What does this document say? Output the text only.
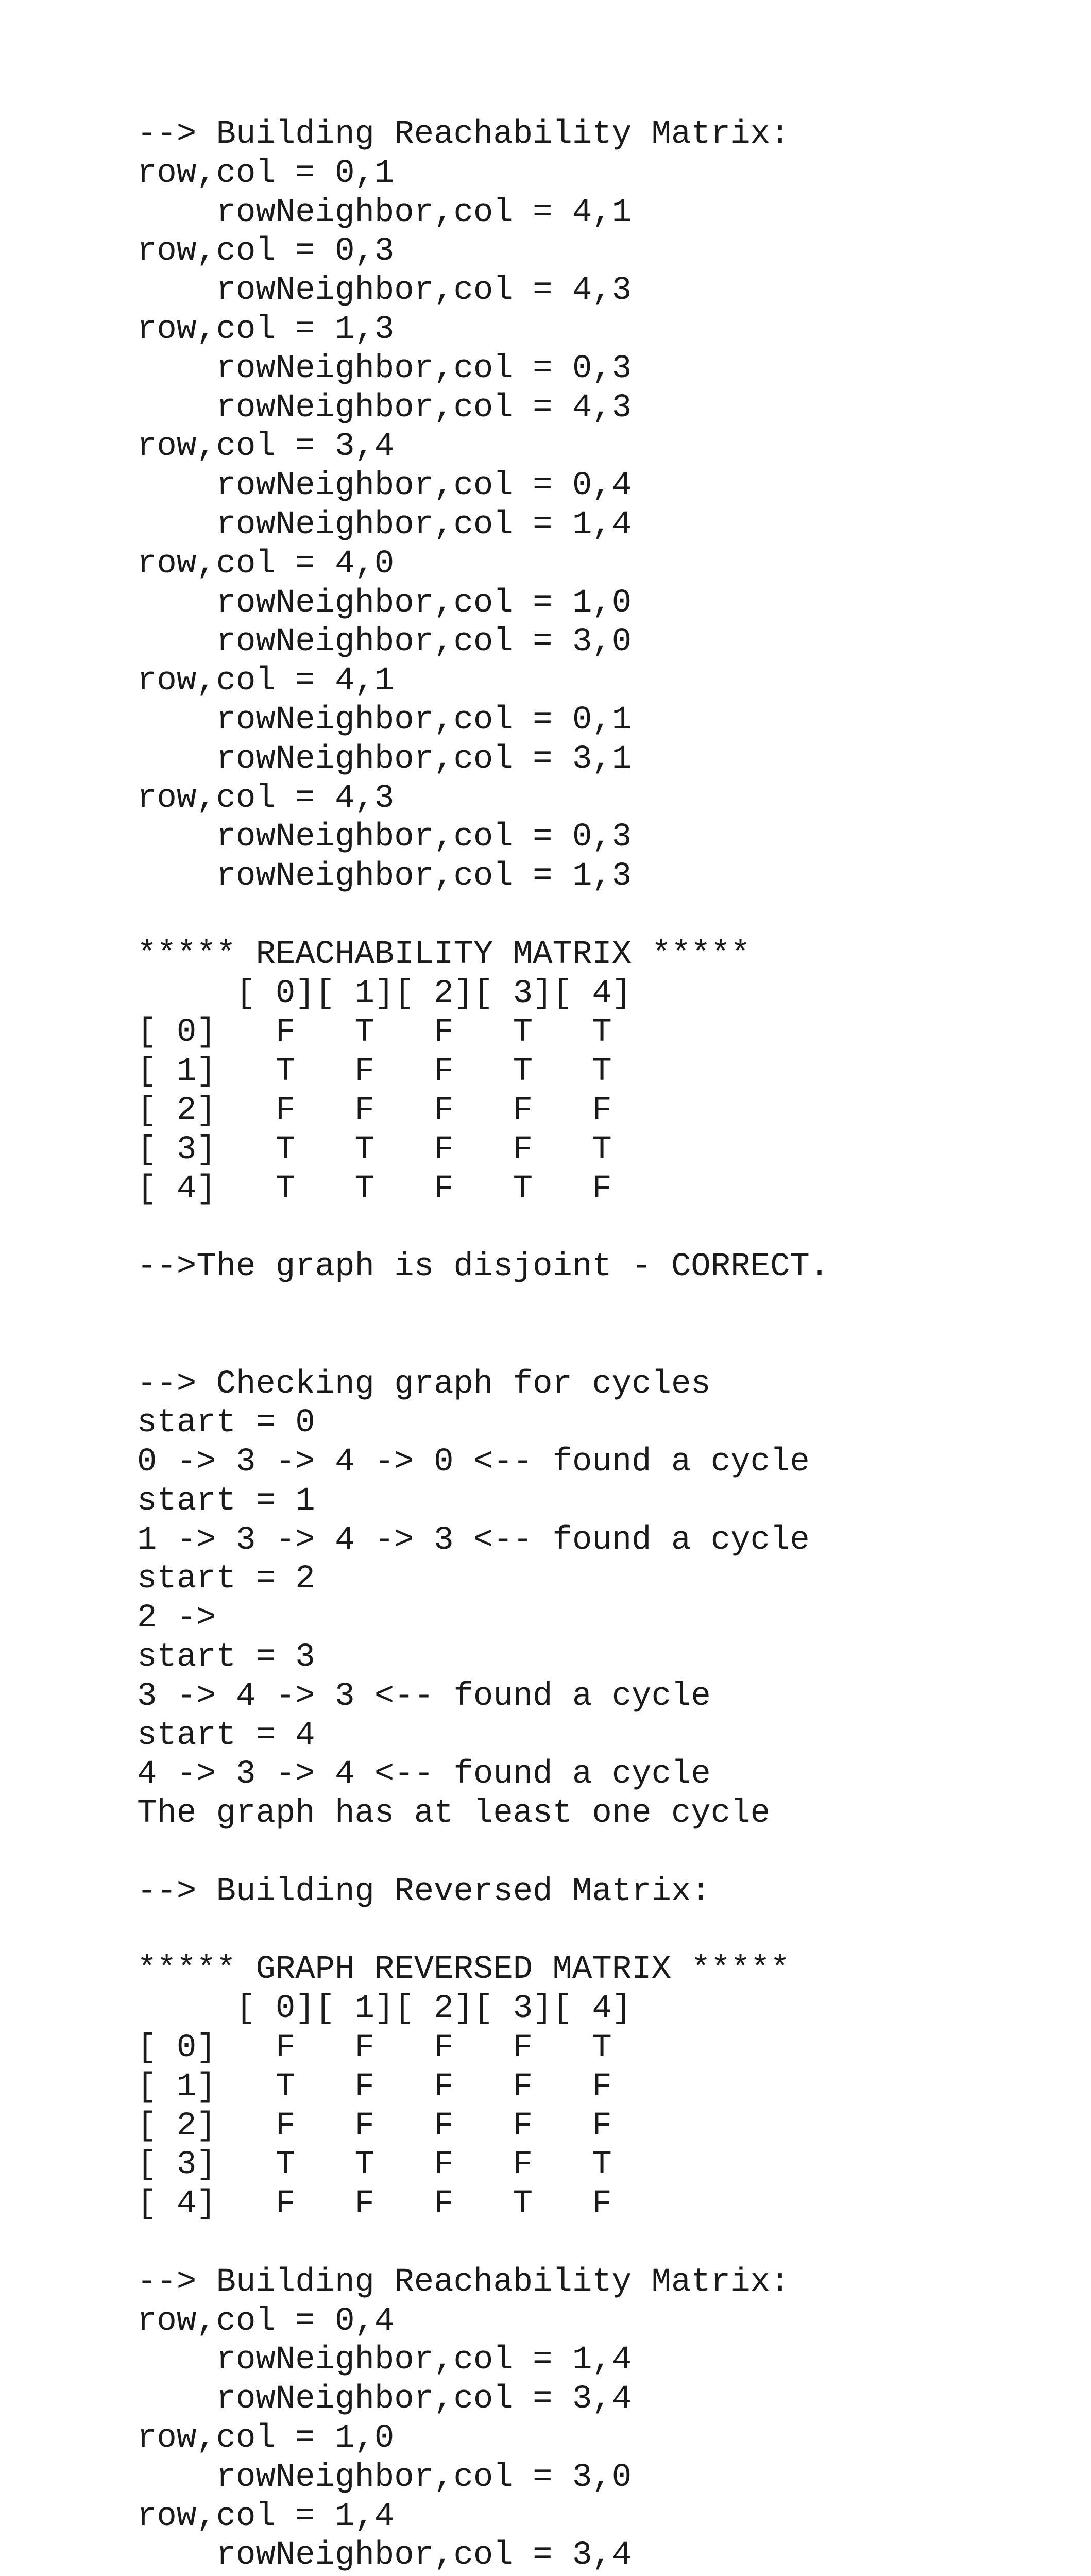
--> Building Reachability Matrix:
row,col = 0,1
rowNeighbor,col = 4,1
row,col = 0,3
rowNeighbor,col = 4,3
row,col = 1,3
rowNeighbor,col = 0,3
rowNeighbor,col = 4,3
row,col = 3,4
rowNeighbor,col = 0,4
rowNeighbor,col = 1,4
row,col = 4,0
rowNeighbor,col = 1,0
rowNeighbor,col = 3,0
row,col = 4,1
rowNeighbor,col = 0,1
rowNeighbor,col = 3,1
row,col = 4,3
rowNeighbor,col = 0,3
rowNeighbor,col = 1,3
***** REACHABILITY MATRIX *****
[ 0][ 1][ 2][ 3][ 4]
[ 0]   F   T   F   T   T
[ 1]   T   F   F   T   T
[ 2]   F   F   F   F   F
[ 3]   T   T   F   F   T
[ 4]   T   T   F   T   F
-->The graph is disjoint - CORRECT.
--> Checking graph for cycles
start = 0
0 -> 3 -> 4 -> 0 <-- found a cycle
start = 1
1 -> 3 -> 4 -> 3 <-- found a cycle
start = 2
2 ->
start = 3
3 -> 4 -> 3 <-- found a cycle
start = 4
4 -> 3 -> 4 <-- found a cycle
The graph has at least one cycle
--> Building Reversed Matrix:
***** GRAPH REVERSED MATRIX *****
[ 0][ 1][ 2][ 3][ 4]
[ 0]   F   F   F   F   T
[ 1]   T   F   F   F   F
[ 2]   F   F   F   F   F
[ 3]   T   T   F   F   T
[ 4]   F   F   F   T   F
--> Building Reachability Matrix:
row,col = 0,4
rowNeighbor,col = 1,4
rowNeighbor,col = 3,4
row,col = 1,0
rowNeighbor,col = 3,0
row,col = 1,4
rowNeighbor,col = 3,4
